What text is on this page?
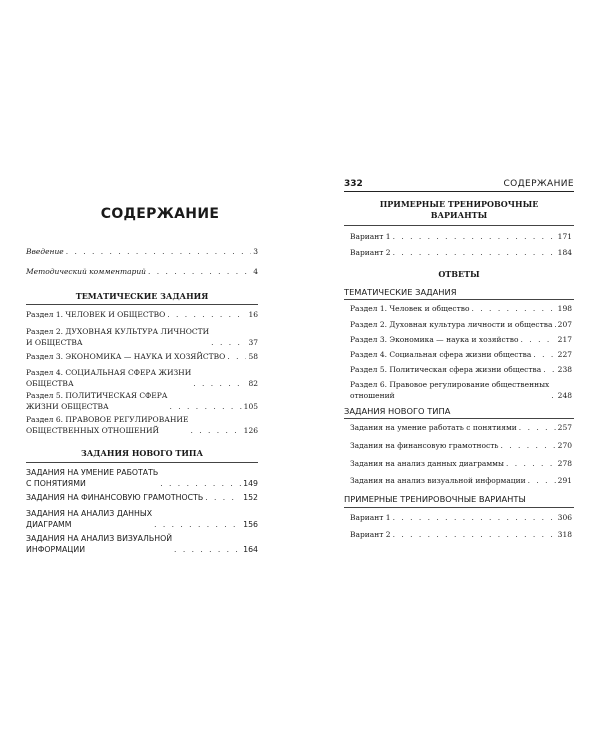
СОДЕРЖАНИЕ
Введение . . .	3
Методический комментарий . . .	4
ТЕМАТИЧЕСКИЕ ЗАДАНИЯ
Раздел 1. ЧЕЛОВЕК И ОБЩЕСТВО . . .	16
Раздел 2. ДУХОВНАЯ КУЛЬТУРА ЛИЧНОСТИ
И ОБЩЕСТВА . . .	37
Раздел 3. ЭКОНОМИКА — НАУКА И ХОЗЯЙСТВО . . .	58
Раздел 4. СОЦИАЛЬНАЯ СФЕРА ЖИЗНИ
ОБЩЕСТВА . . .	82
Раздел 5. ПОЛИТИЧЕСКАЯ СФЕРА
ЖИЗНИ ОБЩЕСТВА . . .	105
Раздел 6. ПРАВОВОЕ РЕГУЛИРОВАНИЕ
ОБЩЕСТВЕННЫХ ОТНОШЕНИЙ . . .	126
ЗАДАНИЯ НОВОГО ТИПА
ЗАДАНИЯ НА УМЕНИЕ РАБОТАТЬ
С ПОНЯТИЯМИ . . .	149
ЗАДАНИЯ НА ФИНАНСОВУЮ ГРАМОТНОСТЬ . . .	152
ЗАДАНИЯ НА АНАЛИЗ ДАННЫХ
ДИАГРАММ . . .	156
ЗАДАНИЯ НА АНАЛИЗ ВИЗУАЛЬНОЙ
ИНФОРМАЦИИ . . .	164
332	СОДЕРЖАНИЕ
ПРИМЕРНЫЕ ТРЕНИРОВОЧНЫЕ
ВАРИАНТЫ
Вариант 1 . . .	171
Вариант 2 . . .	184
ОТВЕТЫ
ТЕМАТИЧЕСКИЕ ЗАДАНИЯ
Раздел 1. Человек и общество . . .	198
Раздел 2. Духовная культура личности и общества . . . 207
Раздел 3. Экономика — наука и хозяйство . . .	217
Раздел 4. Социальная сфера жизни общества . . .	227
Раздел 5. Политическая сфера жизни общества . . . 238
Раздел 6. Правовое регулирование общественных
отношений . . .	248
ЗАДАНИЯ НОВОГО ТИПА
Задания на умение работать с понятиями . . .	257
Задания на финансовую грамотность . . .	270
Задания на анализ данных диаграммы . . .	278
Задания на анализ визуальной информации . . .	291
ПРИМЕРНЫЕ ТРЕНИРОВОЧНЫЕ ВАРИАНТЫ
Вариант 1 . . .	306
Вариант 2 . . .	318
